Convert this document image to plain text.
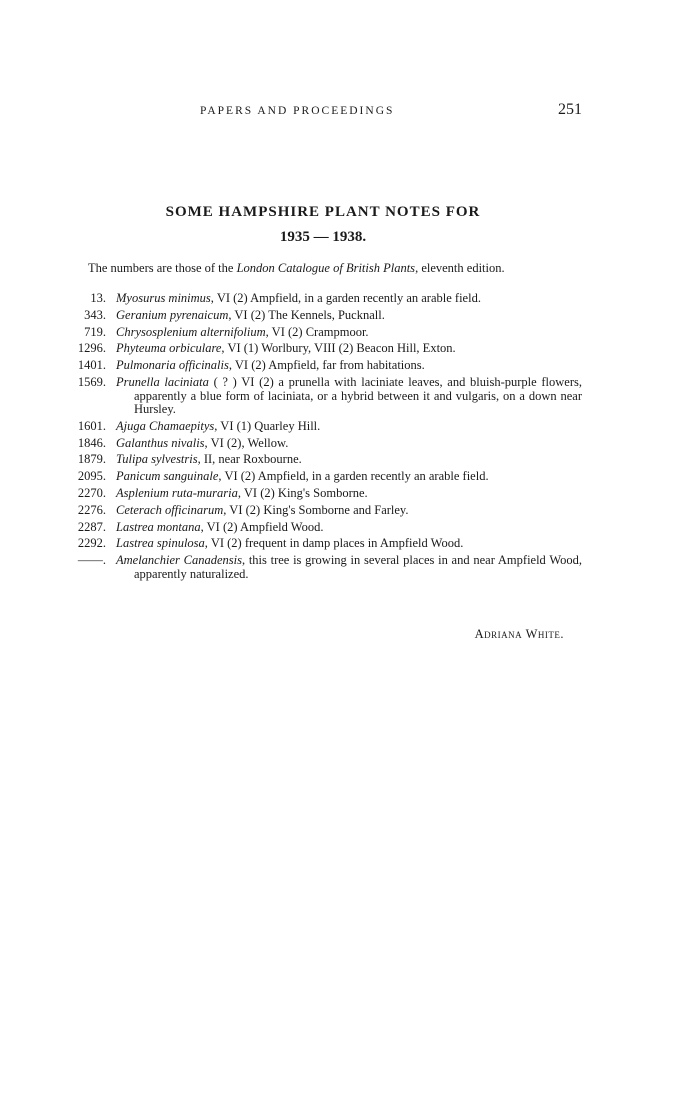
PAPERS AND PROCEEDINGS	251
SOME HAMPSHIRE PLANT NOTES FOR
1935 — 1938.

The numbers are those of the London Catalogue of British Plants, eleventh edition.

13. Myosurus minimus, VI (2) Ampfield, in a garden recently an arable field.
343. Geranium pyrenaicum, VI (2) The Kennels, Pucknall.
719. Chrysosplenium alternifolium, VI (2) Crampmoor.
1296. Phyteuma orbiculare, VI (1) Worlbury, VIII (2) Beacon Hill, Exton.
1401. Pulmonaria officinalis, VI (2) Ampfield, far from habitations.
1569. Prunella laciniata ( ? ) VI (2) a prunella with laciniate leaves, and bluish-purple flowers, apparently a blue form of laciniata, or a hybrid between it and vulgaris, on a down near Hursley.
1601. Ajuga Chamaepitys, VI (1) Quarley Hill.
1846. Galanthus nivalis, VI (2), Wellow.
1879. Tulipa sylvestris, II, near Roxbourne.
2095. Panicum sanguinale, VI (2) Ampfield, in a garden recently an arable field.
2270. Asplenium ruta-muraria, VI (2) King's Somborne.
2276. Ceterach officinarum, VI (2) King's Somborne and Farley.
2287. Lastrea montana, VI (2) Ampfield Wood.
2292. Lastrea spinulosa, VI (2) frequent in damp places in Ampfield Wood.
——. Amelanchier Canadensis, this tree is growing in several places in and near Ampfield Wood, apparently naturalized.
Adriana White.
